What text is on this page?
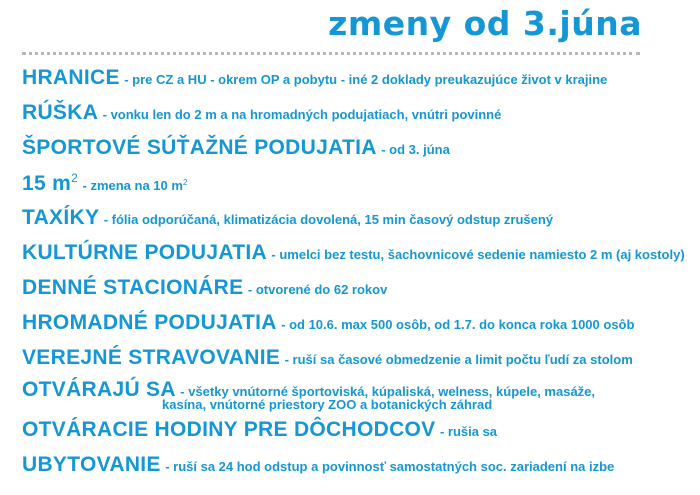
zmeny od 3.júna
HRANICE - pre CZ a HU - okrem OP a pobytu - iné 2 doklady preukazujúce život v krajine
RÚŠKA - vonku len do 2 m a na hromadných podujatiach, vnútri povinné
ŠPORTOVÉ SÚŤAŽNÉ PODUJATIA - od 3. júna
15 $m^2$ - zmena na 10 $m^2$
TAXÍKY - fólia odporúčaná, klimatizácia dovolená, 15 min časový odstup zrušený
KULTÚRNE PODUJATIA - umelci bez testu, šachovnicové sedenie namiesto 2 m (aj kostoly)
DENNÉ STACIONÁRE - otvorené do 62 rokov
HROMADNÉ PODUJATIA - od 10.6. max 500 osôb, od 1.7. do konca roka 1000 osôb
VEREJNÉ STRAVOVANIE - ruší sa časové obmedzenie a limit počtu ľudí za stolom
OTVÁRAJÚ SA - všetky vnútorné športoviská, kúpaliská, welness, kúpele, masáže,
kasína, vnútorné priestory ZOO a botanických záhrad
OTVÁRACIE HODINY PRE DÔCHODCOV - rušia sa
UBYTOVANIE - ruší sa 24 hod odstup a povinnosť samostatných soc. zariadení na izbe
